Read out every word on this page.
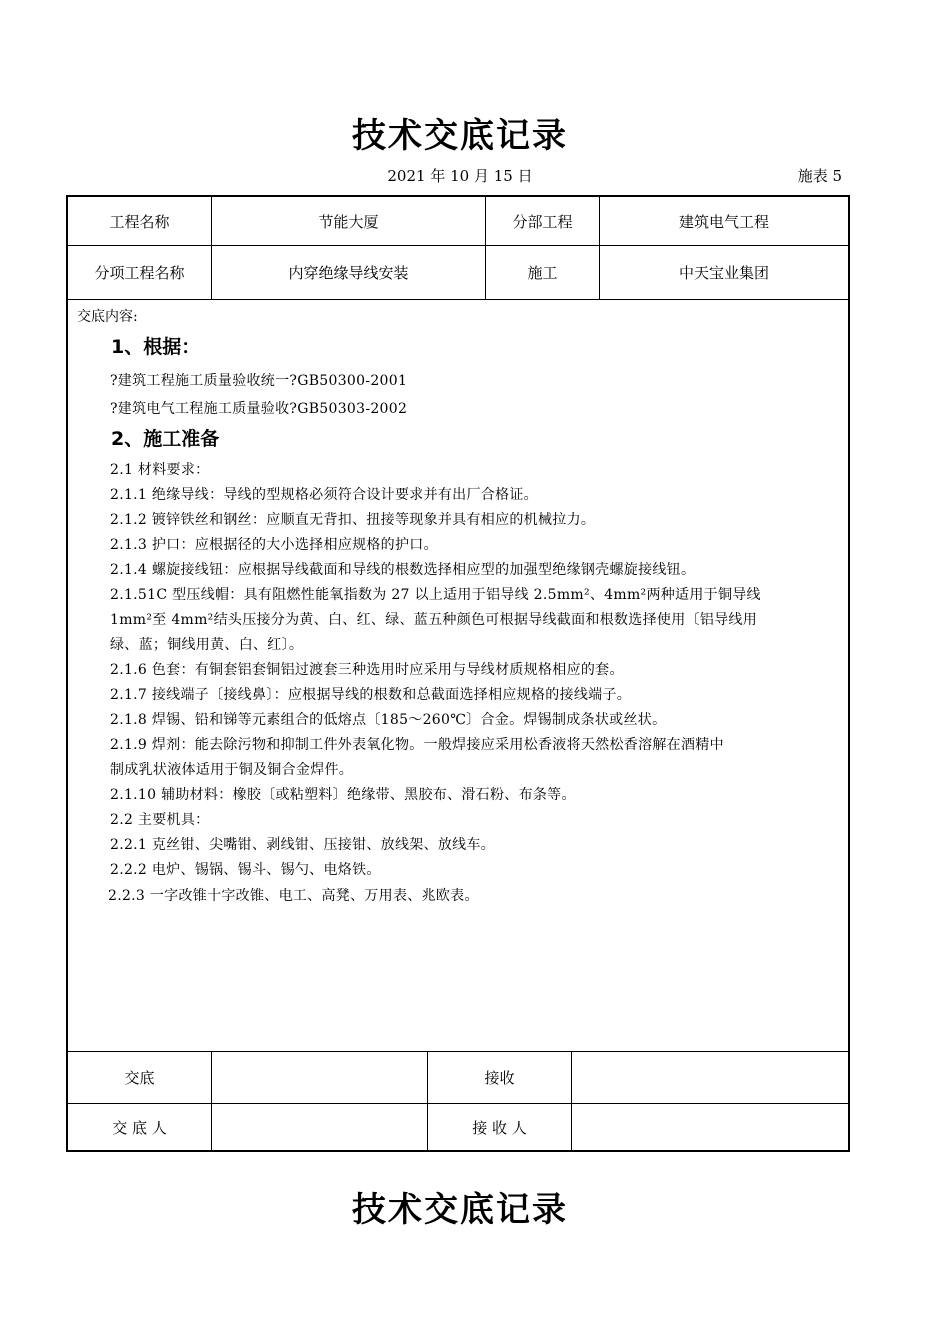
技术交底记录
2021 年 10 月 15 日	施表 5
工程名称	节能大厦	分部工程	建筑电气工程
分项工程名称	内穿绝缘导线安装	施工	中天宝业集团
交底内容:
1、根据：
?建筑工程施工质量验收统一?GB50300-2001
?建筑电气工程施工质量验收?GB50303-2002
2、施工准备
2.1 材料要求：
2.1.1 绝缘导线：导线的型规格必须符合设计要求并有出厂合格证。
2.1.2 镀锌铁丝和钢丝：应顺直无背扣、扭接等现象并具有相应的机械拉力。
2.1.3 护口：应根据径的大小选择相应规格的护口。
2.1.4 螺旋接线钮：应根据导线截面和导线的根数选择相应型的加强型绝缘钢壳螺旋接线钮。
2.1.51C 型压线帽：具有阻燃性能氧指数为 27 以上适用于铝导线 2.5mm²、4mm²两种适用于铜导线
1mm²至 4mm²结头压接分为黄、白、红、绿、蓝五种颜色可根据导线截面和根数选择使用〔铝导线用
绿、蓝；铜线用黄、白、红〕。
2.1.6 色套：有铜套铝套铜铝过渡套三种选用时应采用与导线材质规格相应的套。
2.1.7 接线端子〔接线鼻〕：应根据导线的根数和总截面选择相应规格的接线端子。
2.1.8 焊锡、铅和锑等元素组合的低熔点〔185～260℃〕合金。焊锡制成条状或丝状。
2.1.9 焊剂：能去除污物和抑制工件外表氧化物。一般焊接应采用松香液将天然松香溶解在酒精中
制成乳状液体适用于铜及铜合金焊件。
2.1.10 辅助材料：橡胶〔或粘塑料〕绝缘带、黑胶布、滑石粉、布条等。
2.2 主要机具：
2.2.1 克丝钳、尖嘴钳、剥线钳、压接钳、放线架、放线车。
2.2.2 电炉、锡锅、锡斗、锡勺、电烙铁。
2.2.3 一字改锥十字改锥、电工、高凳、万用表、兆欧表。
交底	接收
交 底 人	接 收 人
技术交底记录
